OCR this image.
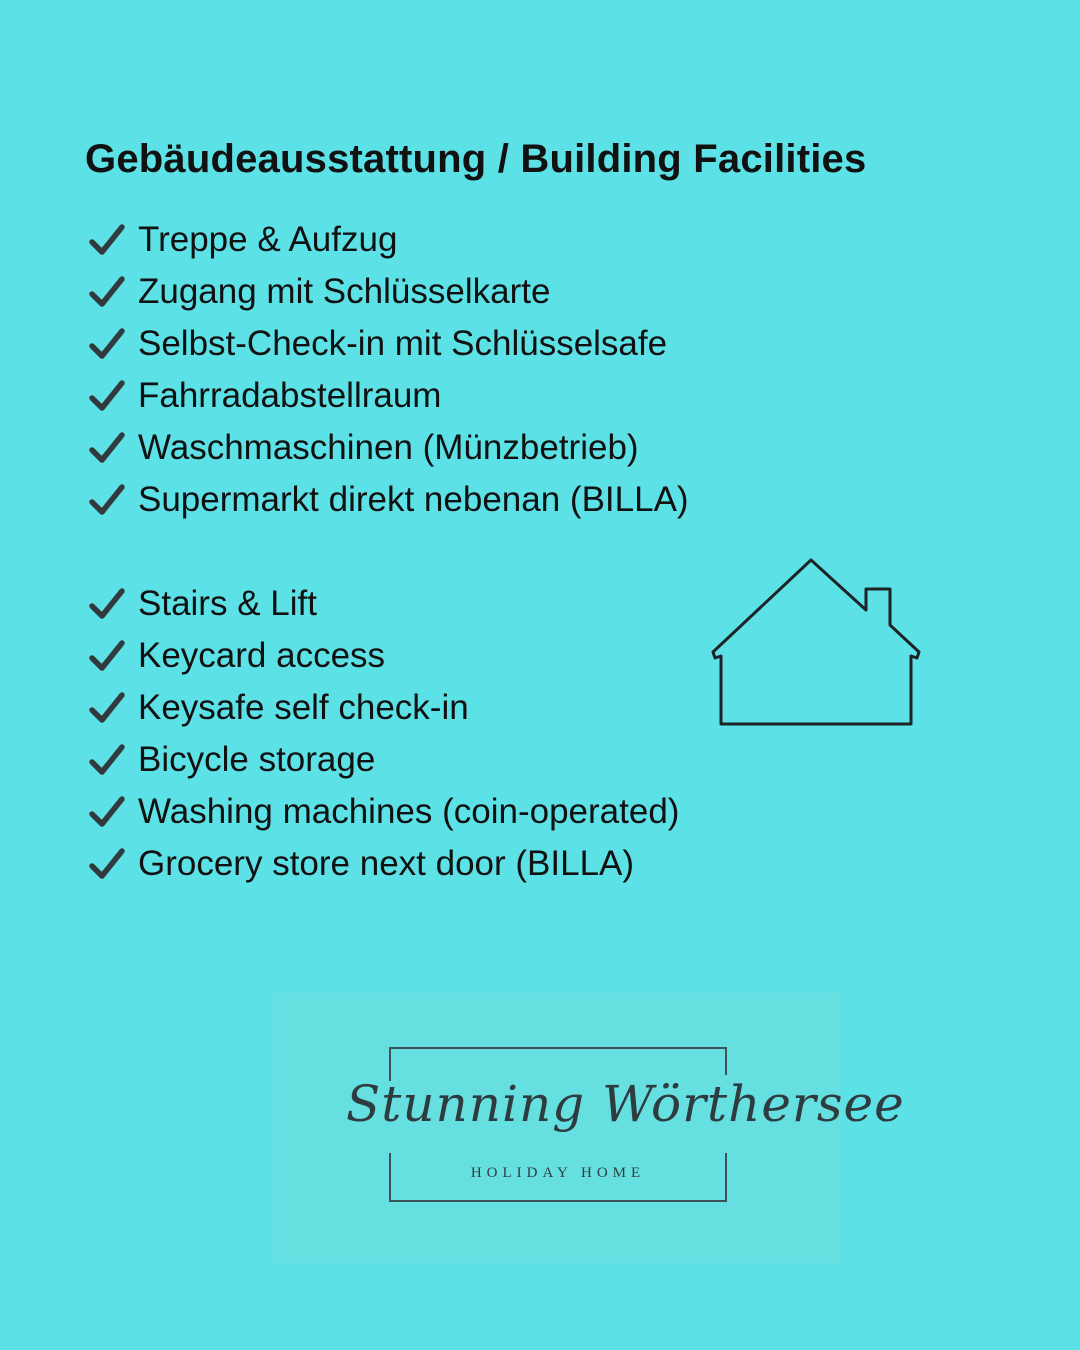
Gebäudeausstattung / Building Facilities
Treppe & Aufzug
Zugang mit Schlüsselkarte
Selbst-Check-in mit Schlüsselsafe
Fahrradabstellraum
Waschmaschinen (Münzbetrieb)
Supermarkt direkt nebenan (BILLA)
Stairs & Lift
Keycard access
Keysafe self check-in
Bicycle storage
Washing machines (coin-operated)
Grocery store next door (BILLA)
Stunning Wörthersee
HOLIDAY HOME
